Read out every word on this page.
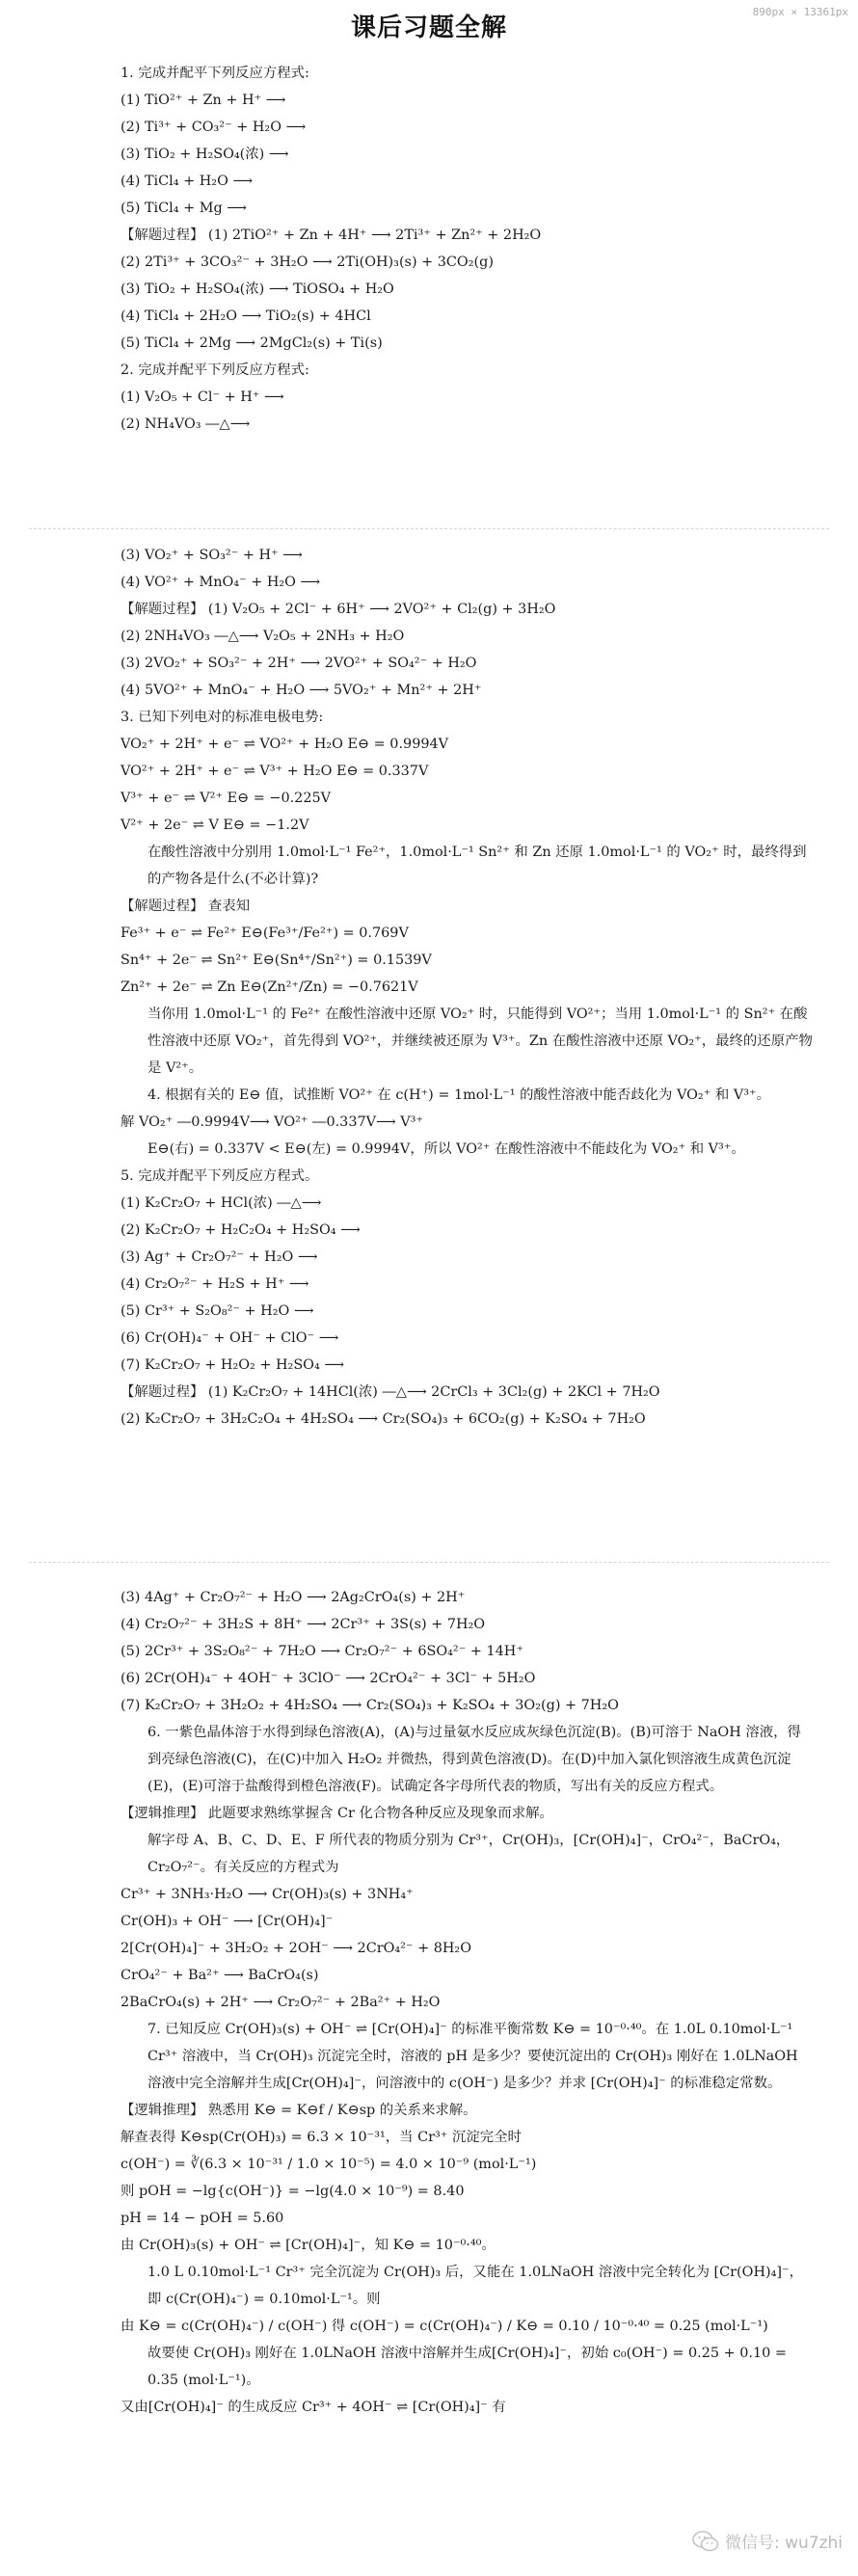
课后习题全解
890px × 13361px
1. 完成并配平下列反应方程式:
(1) TiO²⁺ + Zn + H⁺ ⟶
(2) Ti³⁺ + CO₃²⁻ + H₂O ⟶
(3) TiO₂ + H₂SO₄(浓) ⟶
(4) TiCl₄ + H₂O ⟶
(5) TiCl₄ + Mg ⟶
【解题过程】 (1) 2TiO²⁺ + Zn + 4H⁺ ⟶ 2Ti³⁺ + Zn²⁺ + 2H₂O
(2) 2Ti³⁺ + 3CO₃²⁻ + 3H₂O ⟶ 2Ti(OH)₃(s) + 3CO₂(g)
(3) TiO₂ + H₂SO₄(浓) ⟶ TiOSO₄ + H₂O
(4) TiCl₄ + 2H₂O ⟶ TiO₂(s) + 4HCl
(5) TiCl₄ + 2Mg ⟶ 2MgCl₂(s) + Ti(s)
2. 完成并配平下列反应方程式:
(1) V₂O₅ + Cl⁻ + H⁺ ⟶
(2) NH₄VO₃ ―△⟶
(3) VO₂⁺ + SO₃²⁻ + H⁺ ⟶
(4) VO²⁺ + MnO₄⁻ + H₂O ⟶
【解题过程】 (1) V₂O₅ + 2Cl⁻ + 6H⁺ ⟶ 2VO²⁺ + Cl₂(g) + 3H₂O
(2) 2NH₄VO₃ ―△⟶ V₂O₅ + 2NH₃ + H₂O
(3) 2VO₂⁺ + SO₃²⁻ + 2H⁺ ⟶ 2VO²⁺ + SO₄²⁻ + H₂O
(4) 5VO²⁺ + MnO₄⁻ + H₂O ⟶ 5VO₂⁺ + Mn²⁺ + 2H⁺
3. 已知下列电对的标准电极电势:
VO₂⁺ + 2H⁺ + e⁻ ⇌ VO²⁺ + H₂O E⊖ = 0.9994V
VO²⁺ + 2H⁺ + e⁻ ⇌ V³⁺ + H₂O E⊖ = 0.337V
V³⁺ + e⁻ ⇌ V²⁺ E⊖ = −0.225V
V²⁺ + 2e⁻ ⇌ V E⊖ = −1.2V
在酸性溶液中分别用 1.0mol·L⁻¹ Fe²⁺，1.0mol·L⁻¹ Sn²⁺ 和 Zn 还原 1.0mol·L⁻¹ 的 VO₂⁺ 时，最终得到的产物各是什么(不必计算)?
【解题过程】 查表知
Fe³⁺ + e⁻ ⇌ Fe²⁺ E⊖(Fe³⁺/Fe²⁺) = 0.769V
Sn⁴⁺ + 2e⁻ ⇌ Sn²⁺ E⊖(Sn⁴⁺/Sn²⁺) = 0.1539V
Zn²⁺ + 2e⁻ ⇌ Zn E⊖(Zn²⁺/Zn) = −0.7621V
当你用 1.0mol·L⁻¹ 的 Fe²⁺ 在酸性溶液中还原 VO₂⁺ 时，只能得到 VO²⁺；当用 1.0mol·L⁻¹ 的 Sn²⁺ 在酸性溶液中还原 VO₂⁺，首先得到 VO²⁺，并继续被还原为 V³⁺。Zn 在酸性溶液中还原 VO₂⁺，最终的还原产物是 V²⁺。
4. 根据有关的 E⊖ 值，试推断 VO²⁺ 在 c(H⁺) = 1mol·L⁻¹ 的酸性溶液中能否歧化为 VO₂⁺ 和 V³⁺。
解 VO₂⁺ ―0.9994V⟶ VO²⁺ ―0.337V⟶ V³⁺
E⊖(右) = 0.337V < E⊖(左) = 0.9994V，所以 VO²⁺ 在酸性溶液中不能歧化为 VO₂⁺ 和 V³⁺。
5. 完成并配平下列反应方程式。
(1) K₂Cr₂O₇ + HCl(浓) ―△⟶
(2) K₂Cr₂O₇ + H₂C₂O₄ + H₂SO₄ ⟶
(3) Ag⁺ + Cr₂O₇²⁻ + H₂O ⟶
(4) Cr₂O₇²⁻ + H₂S + H⁺ ⟶
(5) Cr³⁺ + S₂O₈²⁻ + H₂O ⟶
(6) Cr(OH)₄⁻ + OH⁻ + ClO⁻ ⟶
(7) K₂Cr₂O₇ + H₂O₂ + H₂SO₄ ⟶
【解题过程】 (1) K₂Cr₂O₇ + 14HCl(浓) ―△⟶ 2CrCl₃ + 3Cl₂(g) + 2KCl + 7H₂O
(2) K₂Cr₂O₇ + 3H₂C₂O₄ + 4H₂SO₄ ⟶ Cr₂(SO₄)₃ + 6CO₂(g) + K₂SO₄ + 7H₂O
(3) 4Ag⁺ + Cr₂O₇²⁻ + H₂O ⟶ 2Ag₂CrO₄(s) + 2H⁺
(4) Cr₂O₇²⁻ + 3H₂S + 8H⁺ ⟶ 2Cr³⁺ + 3S(s) + 7H₂O
(5) 2Cr³⁺ + 3S₂O₈²⁻ + 7H₂O ⟶ Cr₂O₇²⁻ + 6SO₄²⁻ + 14H⁺
(6) 2Cr(OH)₄⁻ + 4OH⁻ + 3ClO⁻ ⟶ 2CrO₄²⁻ + 3Cl⁻ + 5H₂O
(7) K₂Cr₂O₇ + 3H₂O₂ + 4H₂SO₄ ⟶ Cr₂(SO₄)₃ + K₂SO₄ + 3O₂(g) + 7H₂O
6. 一紫色晶体溶于水得到绿色溶液(A)，(A)与过量氨水反应成灰绿色沉淀(B)。(B)可溶于 NaOH 溶液，得到亮绿色溶液(C)，在(C)中加入 H₂O₂ 并微热，得到黄色溶液(D)。在(D)中加入氯化钡溶液生成黄色沉淀(E)，(E)可溶于盐酸得到橙色溶液(F)。试确定各字母所代表的物质，写出有关的反应方程式。
【逻辑推理】 此题要求熟练掌握含 Cr 化合物各种反应及现象而求解。
解字母 A、B、C、D、E、F 所代表的物质分别为 Cr³⁺，Cr(OH)₃，[Cr(OH)₄]⁻，CrO₄²⁻，BaCrO₄，Cr₂O₇²⁻。有关反应的方程式为
Cr³⁺ + 3NH₃·H₂O ⟶ Cr(OH)₃(s) + 3NH₄⁺
Cr(OH)₃ + OH⁻ ⟶ [Cr(OH)₄]⁻
2[Cr(OH)₄]⁻ + 3H₂O₂ + 2OH⁻ ⟶ 2CrO₄²⁻ + 8H₂O
CrO₄²⁻ + Ba²⁺ ⟶ BaCrO₄(s)
2BaCrO₄(s) + 2H⁺ ⟶ Cr₂O₇²⁻ + 2Ba²⁺ + H₂O
7. 已知反应 Cr(OH)₃(s) + OH⁻ ⇌ [Cr(OH)₄]⁻ 的标准平衡常数 K⊖ = 10⁻⁰·⁴⁰。在 1.0L 0.10mol·L⁻¹ Cr³⁺ 溶液中，当 Cr(OH)₃ 沉淀完全时，溶液的 pH 是多少？要使沉淀出的 Cr(OH)₃ 刚好在 1.0LNaOH 溶液中完全溶解并生成[Cr(OH)₄]⁻，问溶液中的 c(OH⁻) 是多少？并求 [Cr(OH)₄]⁻ 的标准稳定常数。
【逻辑推理】 熟悉用 K⊖ = K⊖f / K⊖sp 的关系来求解。
解查表得 K⊖sp(Cr(OH)₃) = 6.3 × 10⁻³¹，当 Cr³⁺ 沉淀完全时
c(OH⁻) = ∛(6.3 × 10⁻³¹ / 1.0 × 10⁻⁵) = 4.0 × 10⁻⁹ (mol·L⁻¹)
则 pOH = −lg{c(OH⁻)} = −lg(4.0 × 10⁻⁹) = 8.40
pH = 14 − pOH = 5.60
由 Cr(OH)₃(s) + OH⁻ ⇌ [Cr(OH)₄]⁻，知 K⊖ = 10⁻⁰·⁴⁰。
1.0 L 0.10mol·L⁻¹ Cr³⁺ 完全沉淀为 Cr(OH)₃ 后，又能在 1.0LNaOH 溶液中完全转化为 [Cr(OH)₄]⁻，即 c(Cr(OH)₄⁻) = 0.10mol·L⁻¹。则
由 K⊖ = c(Cr(OH)₄⁻) / c(OH⁻) 得 c(OH⁻) = c(Cr(OH)₄⁻) / K⊖ = 0.10 / 10⁻⁰·⁴⁰ = 0.25 (mol·L⁻¹)
故要使 Cr(OH)₃ 刚好在 1.0LNaOH 溶液中溶解并生成[Cr(OH)₄]⁻，初始 c₀(OH⁻) = 0.25 + 0.10 = 0.35 (mol·L⁻¹)。
又由[Cr(OH)₄]⁻ 的生成反应 Cr³⁺ + 4OH⁻ ⇌ [Cr(OH)₄]⁻ 有
微信号: wu7zhi
